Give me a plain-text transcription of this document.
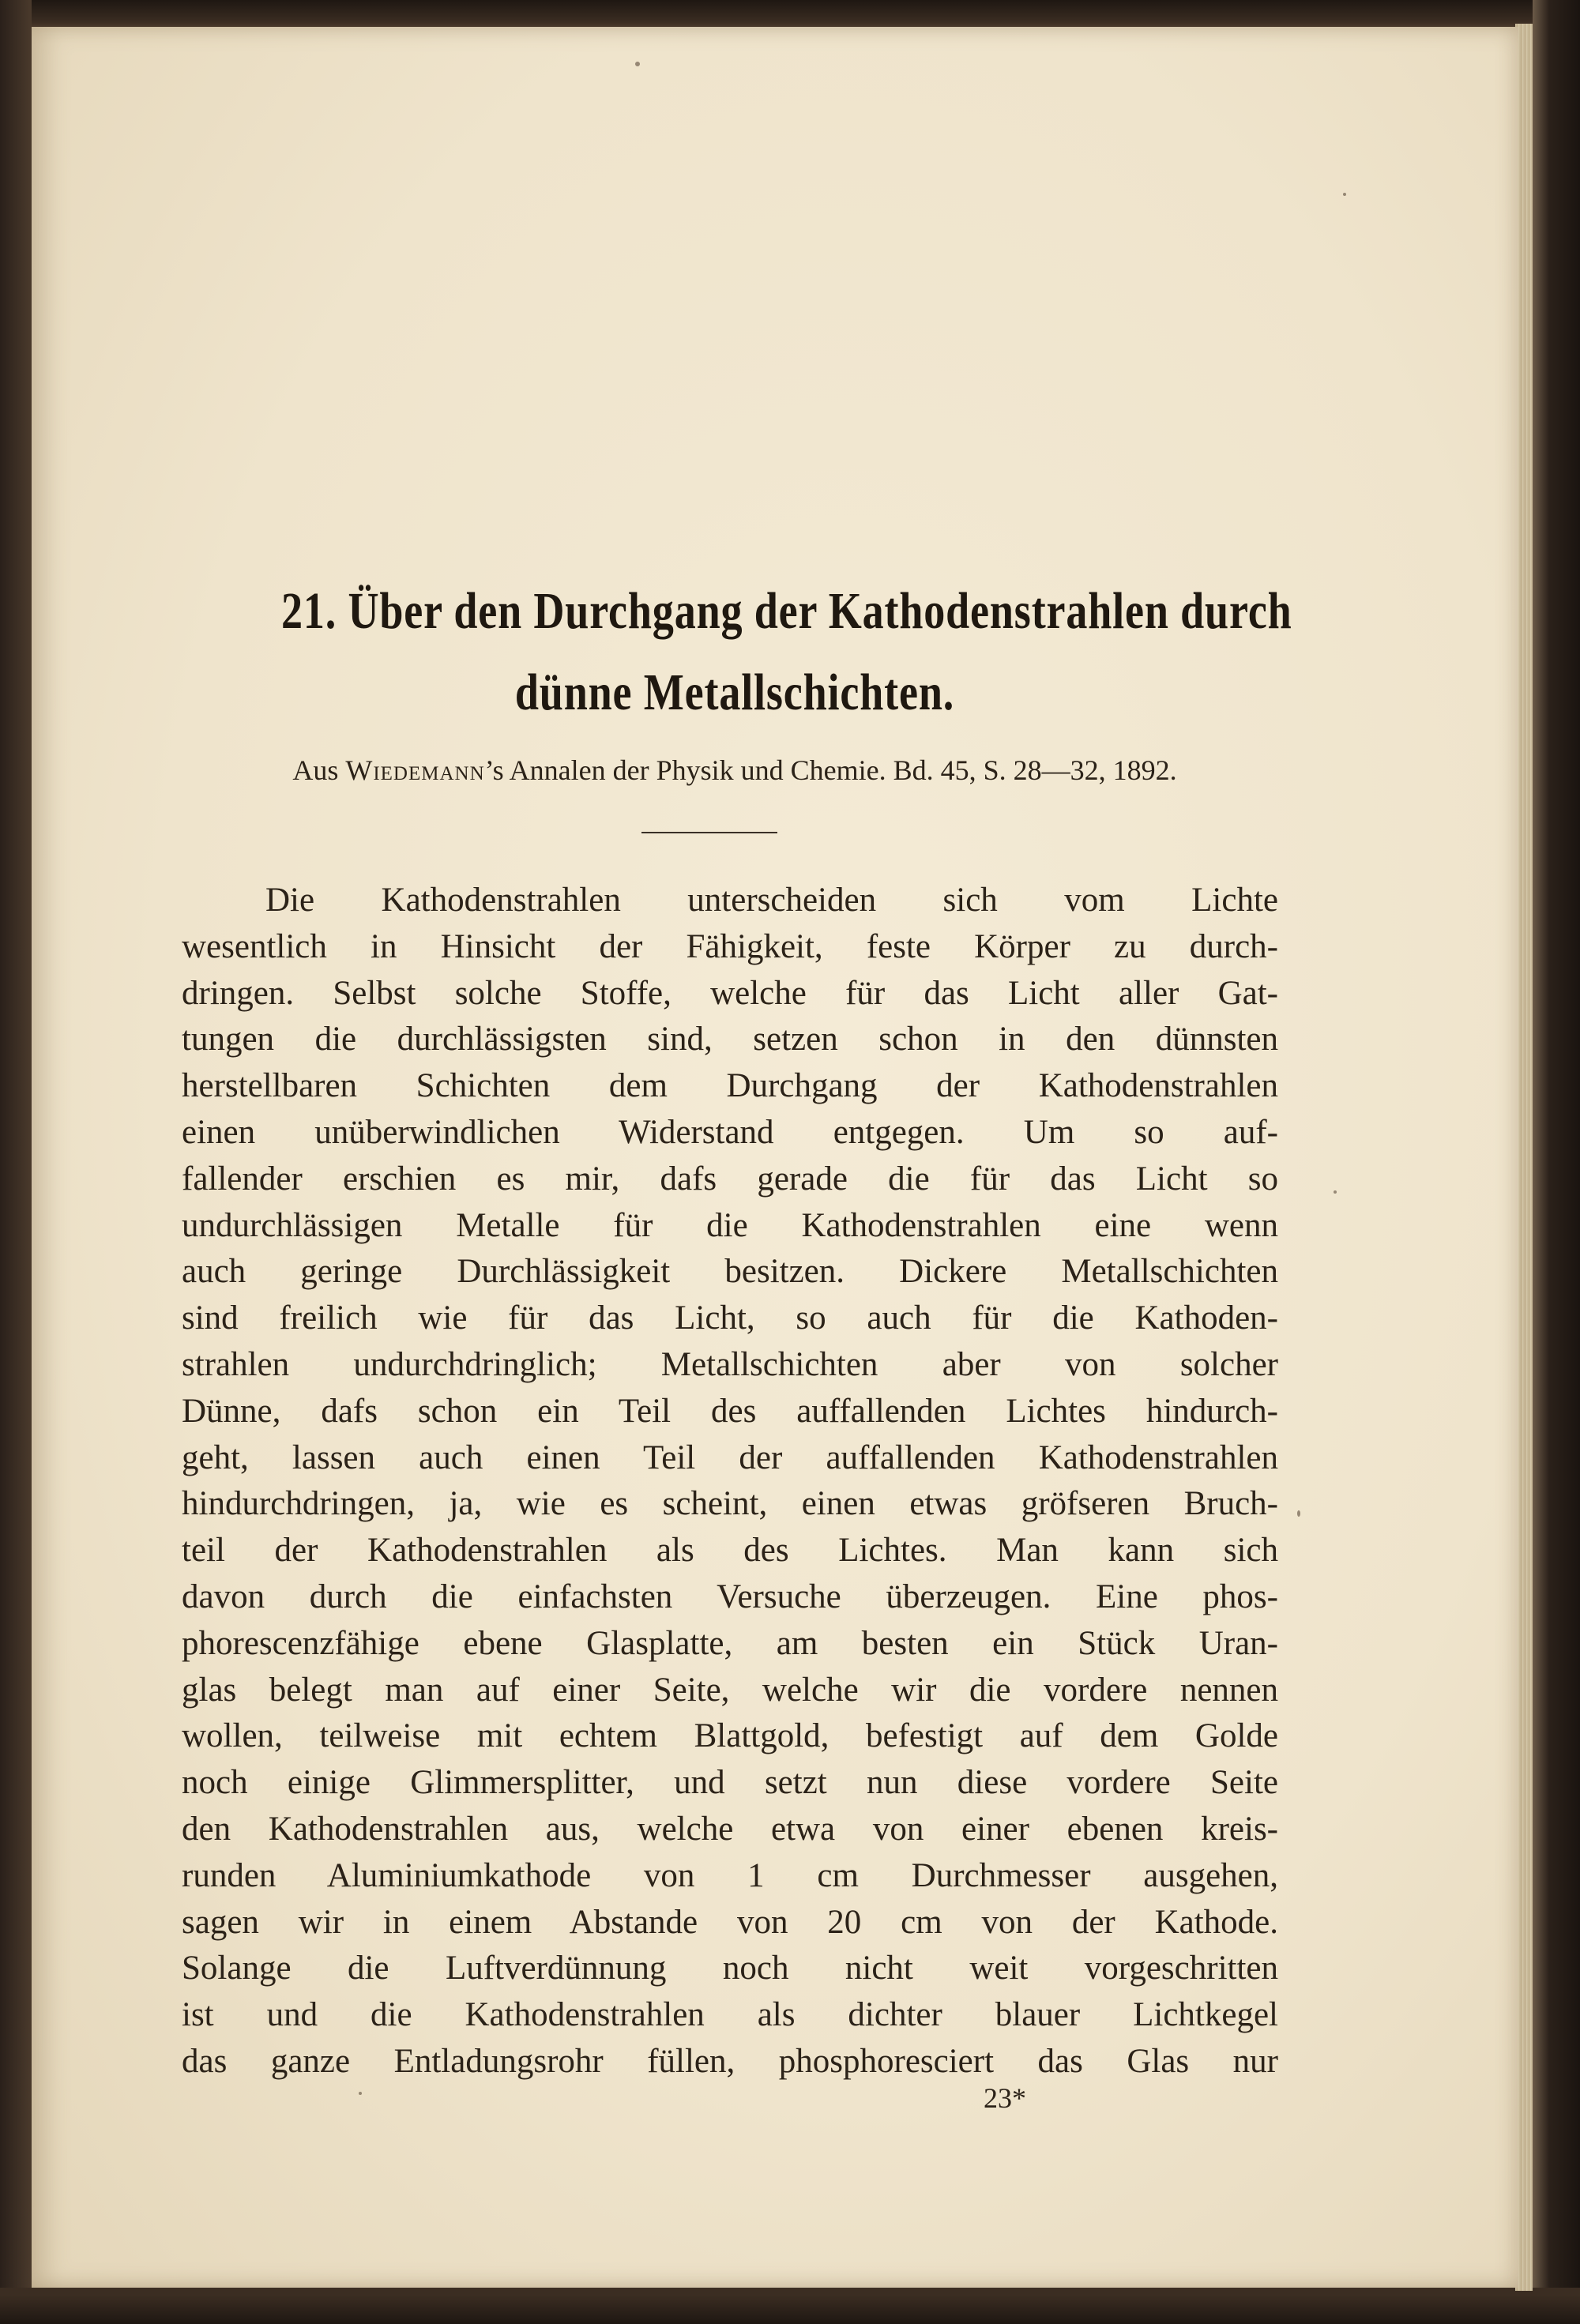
21. Über den Durchgang der Kathodenstrahlen durch
dünne Metallschichten.
Aus Wiedemann’s Annalen der Physik und Chemie. Bd. 45, S. 28—32, 1892.
Die Kathodenstrahlen unterscheiden sich vom Lichte
wesentlich in Hinsicht der Fähigkeit, feste Körper zu durch-
dringen. Selbst solche Stoffe, welche für das Licht aller Gat-
tungen die durchlässigsten sind, setzen schon in den dünnsten
herstellbaren Schichten dem Durchgang der Kathodenstrahlen
einen unüberwindlichen Widerstand entgegen. Um so auf-
fallender erschien es mir, dafs gerade die für das Licht so
undurchlässigen Metalle für die Kathodenstrahlen eine wenn
auch geringe Durchlässigkeit besitzen. Dickere Metallschichten
sind freilich wie für das Licht, so auch für die Kathoden-
strahlen undurchdringlich; Metallschichten aber von solcher
Dünne, dafs schon ein Teil des auffallenden Lichtes hindurch-
geht, lassen auch einen Teil der auffallenden Kathodenstrahlen
hindurchdringen, ja, wie es scheint, einen etwas gröfseren Bruch-
teil der Kathodenstrahlen als des Lichtes. Man kann sich
davon durch die einfachsten Versuche überzeugen. Eine phos-
phorescenzfähige ebene Glasplatte, am besten ein Stück Uran-
glas belegt man auf einer Seite, welche wir die vordere nennen
wollen, teilweise mit echtem Blattgold, befestigt auf dem Golde
noch einige Glimmersplitter, und setzt nun diese vordere Seite
den Kathodenstrahlen aus, welche etwa von einer ebenen kreis-
runden Aluminiumkathode von 1 cm Durchmesser ausgehen,
sagen wir in einem Abstande von 20 cm von der Kathode.
Solange die Luftverdünnung noch nicht weit vorgeschritten
ist und die Kathodenstrahlen als dichter blauer Lichtkegel
das ganze Entladungsrohr füllen, phosphoresciert das Glas nur
23*
